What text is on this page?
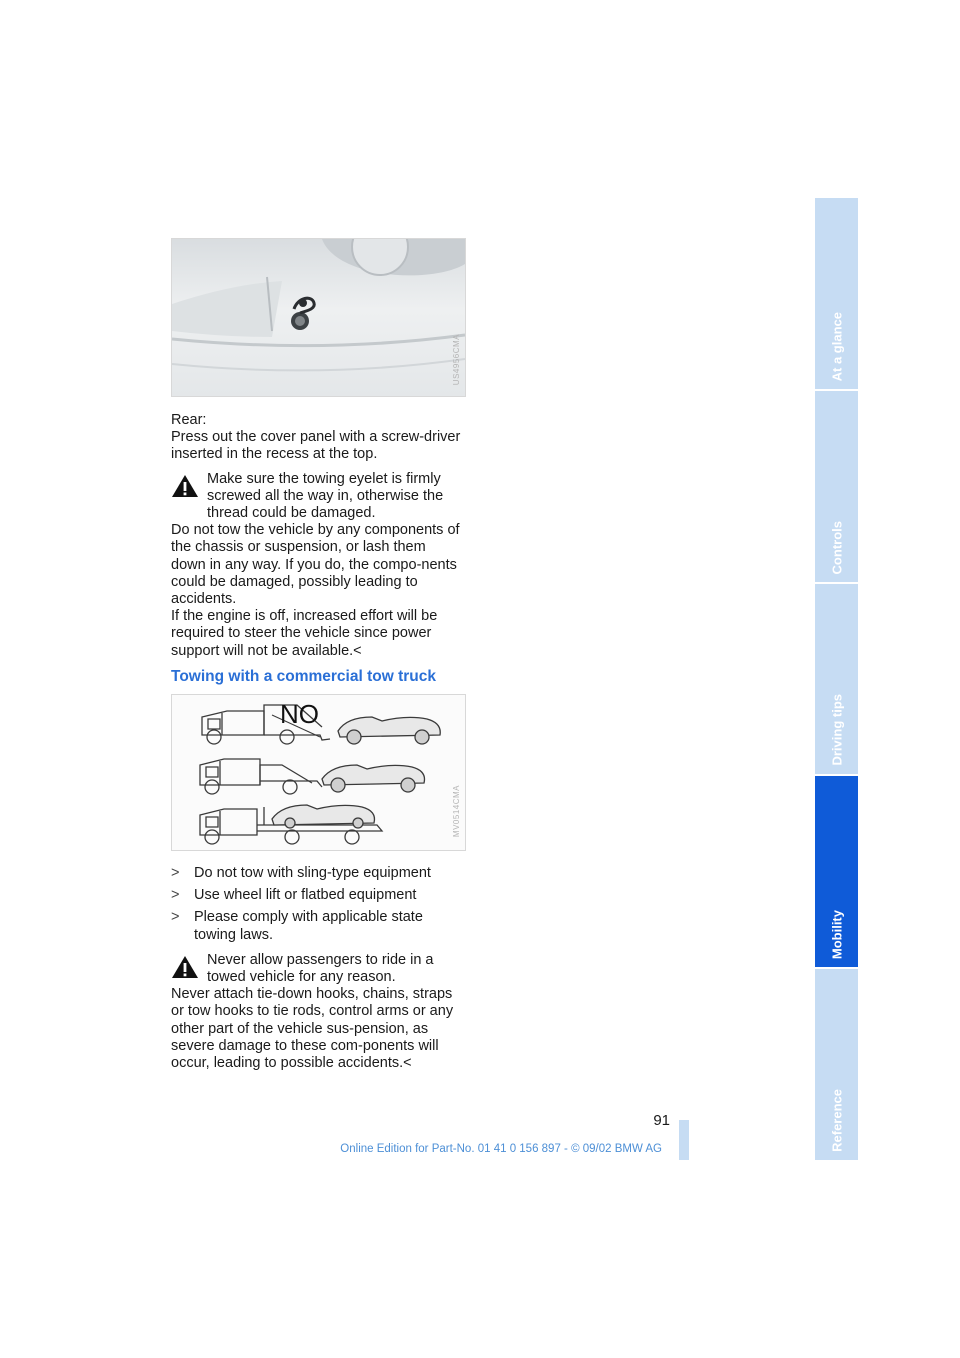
At a glance
Controls
Driving tips
Mobility
Reference
US4956CMA

Rear:

Press out the cover panel with a screw-driver inserted in the recess at the top.

Make sure the towing eyelet is firmly screwed all the way in, otherwise the thread could be damaged.

Do not tow the vehicle by any components of the chassis or suspension, or lash them down in any way. If you do, the compo-nents could be damaged, possibly leading to accidents.

If the engine is off, increased effort will be required to steer the vehicle since power support will not be available.<

Towing with a commercial tow truck
NO
MV0514CMA
> Do not tow with sling-type equipment
> Use wheel lift or flatbed equipment
> Please comply with applicable state towing laws.

Never allow passengers to ride in a towed vehicle for any reason.

Never attach tie-down hooks, chains, straps or tow hooks to tie rods, control arms or any other part of the vehicle sus-pension, as severe damage to these com-ponents will occur, leading to possible accidents.<

91

Online Edition for Part-No. 01 41 0 156 897 - © 09/02 BMW AG
